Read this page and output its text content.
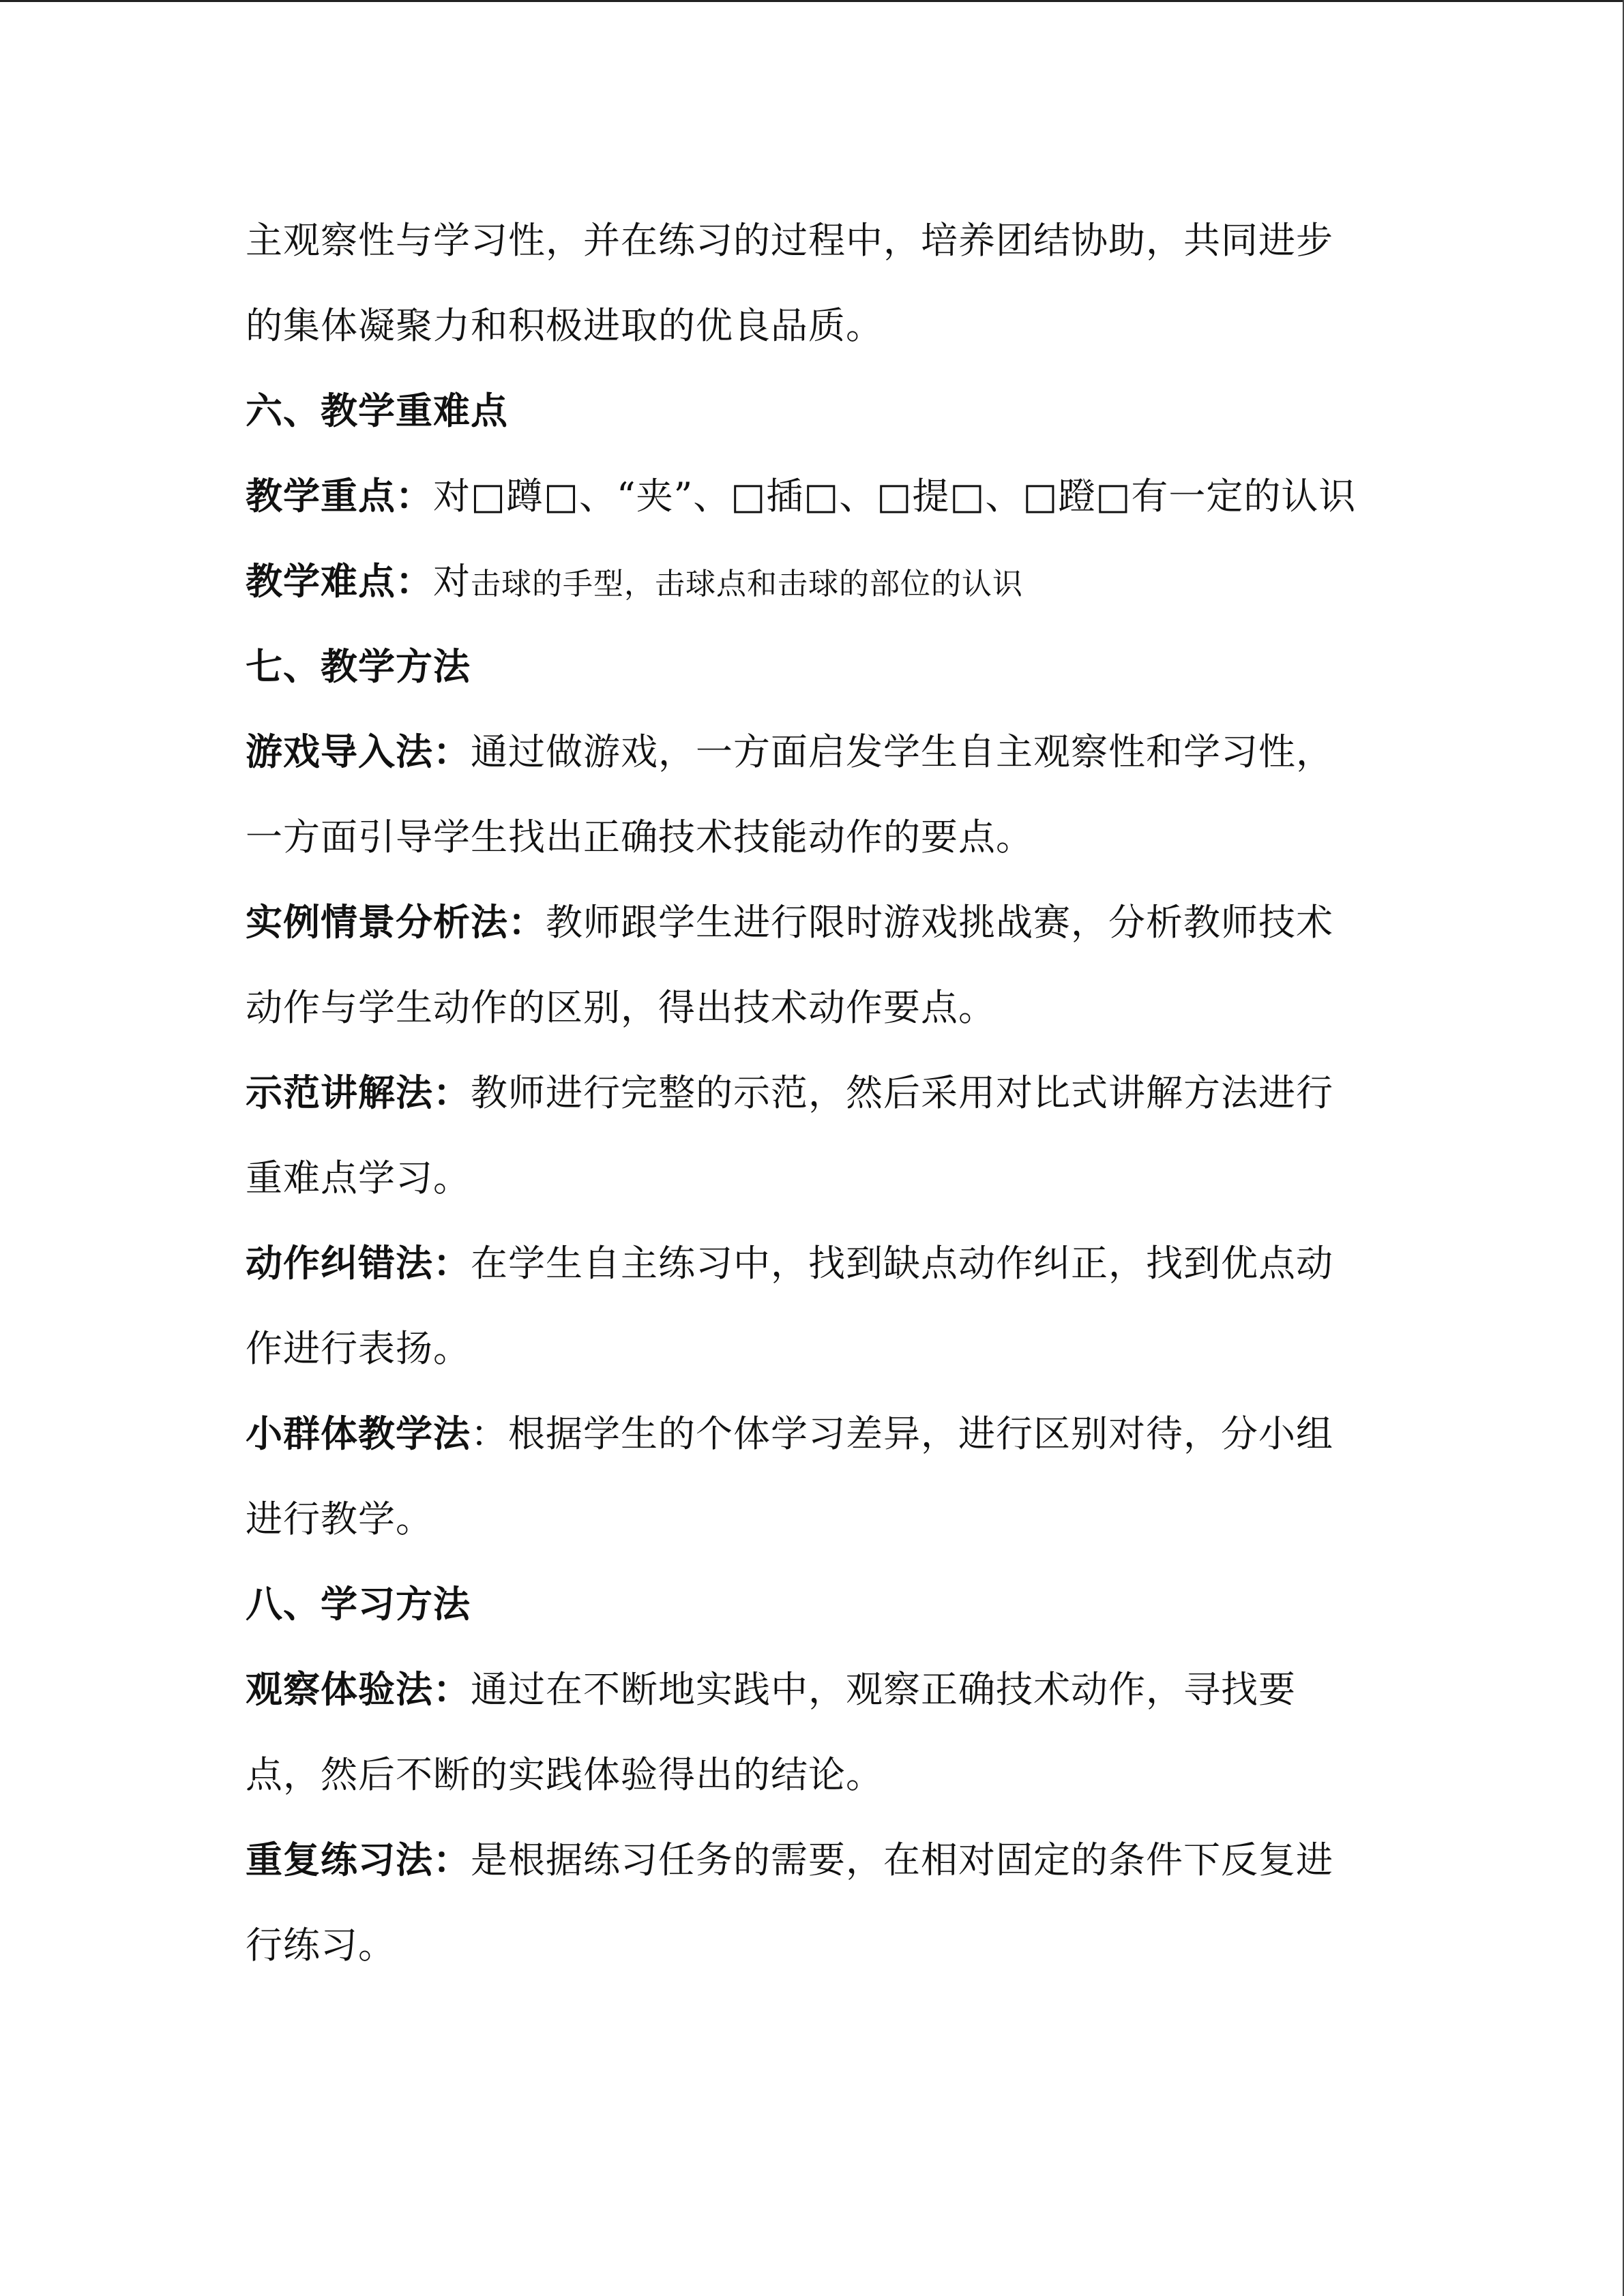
主观察性与学习性，并在练习的过程中，培养团结协助，共同进步
的集体凝聚力和积极进取的优良品质。
六、教学重难点
教学重点：对□蹲□、“夹”、□插□、□提□、□蹬□有一定的认识
教学难点：对击球的手型，击球点和击球的部位的认识
七、教学方法
游戏导入法：通过做游戏，一方面启发学生自主观察性和学习性，
一方面引导学生找出正确技术技能动作的要点。
实例情景分析法：教师跟学生进行限时游戏挑战赛，分析教师技术
动作与学生动作的区别，得出技术动作要点。
示范讲解法：教师进行完整的示范，然后采用对比式讲解方法进行
重难点学习。
动作纠错法：在学生自主练习中，找到缺点动作纠正，找到优点动
作进行表扬。
小群体教学法：根据学生的个体学习差异，进行区别对待，分小组
进行教学。
八、学习方法
观察体验法：通过在不断地实践中，观察正确技术动作，寻找要
点，然后不断的实践体验得出的结论。
重复练习法：是根据练习任务的需要，在相对固定的条件下反复进
行练习。
